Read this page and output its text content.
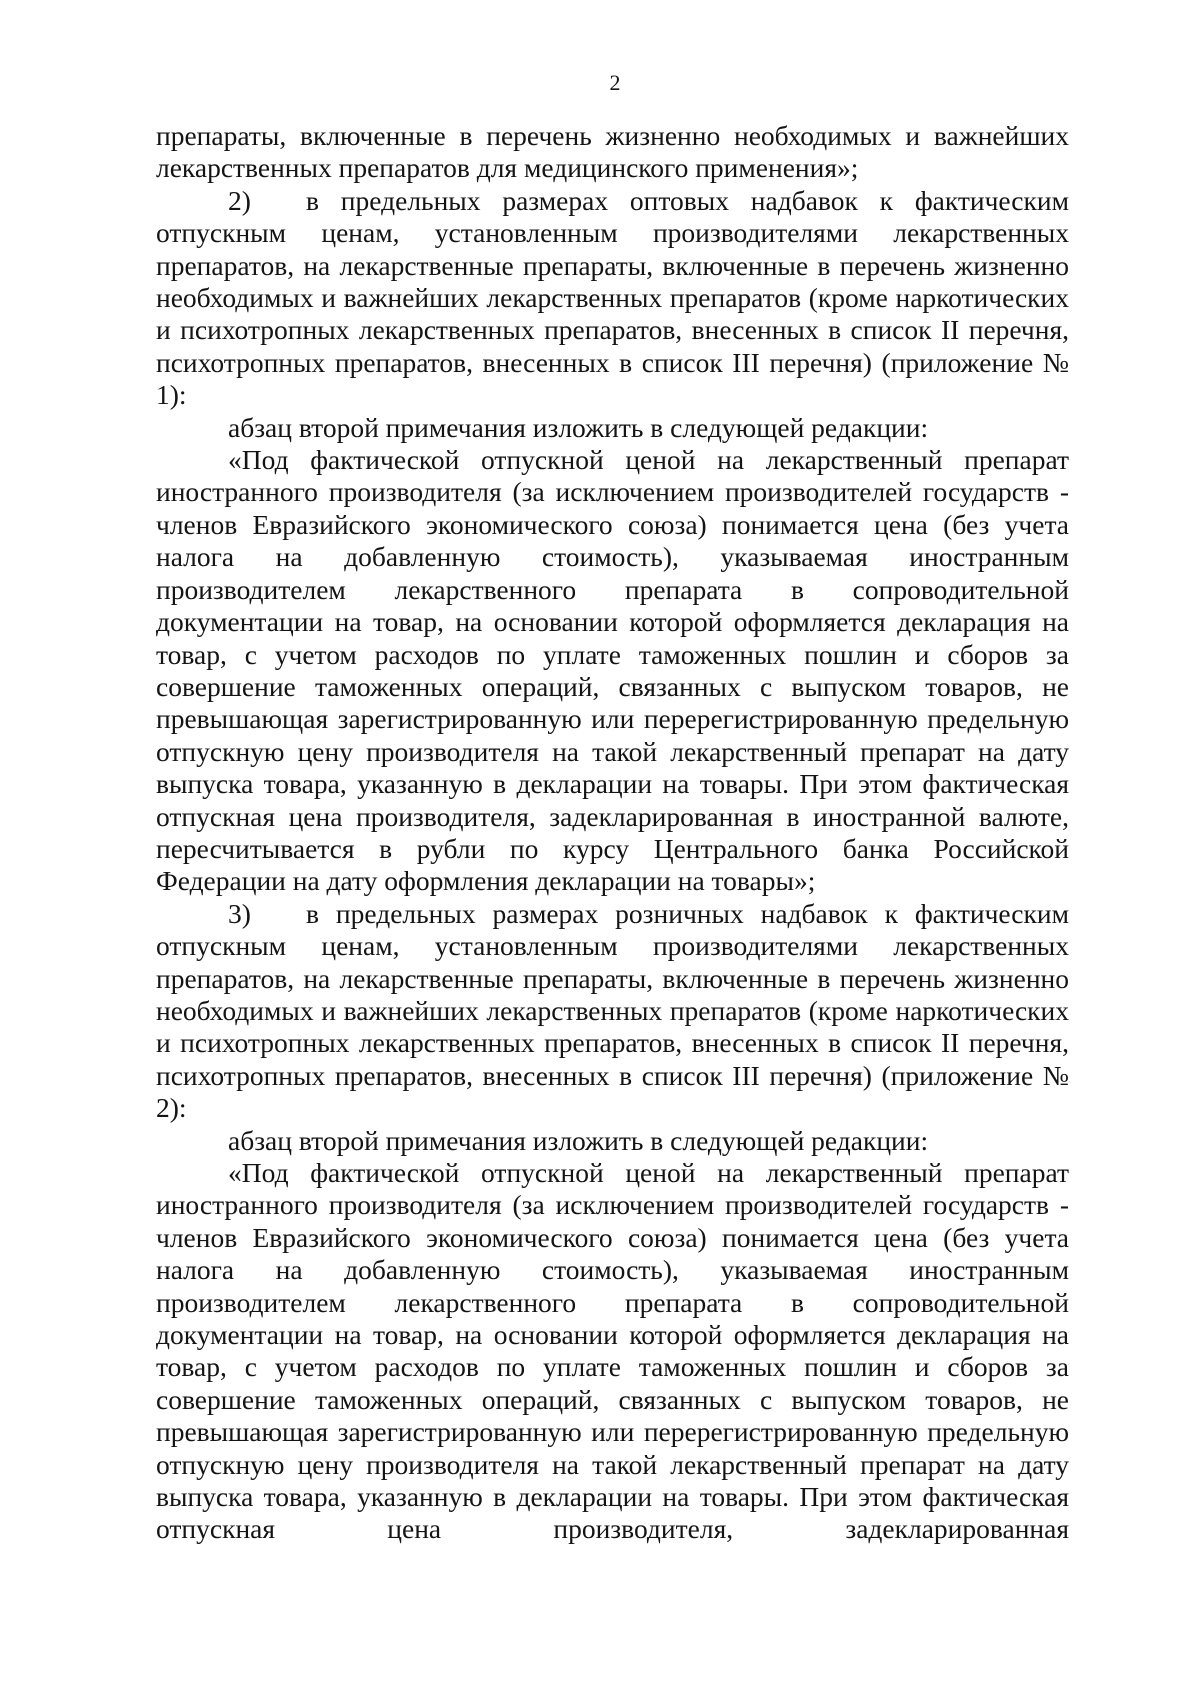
2

препараты, включенные в перечень жизненно необходимых и важнейших лекарственных препаратов для медицинского применения»;

2) в предельных размерах оптовых надбавок к фактическим отпускным ценам, установленным производителями лекарственных препаратов, на лекарственные препараты, включенные в перечень жизненно необходимых и важнейших лекарственных препаратов (кроме наркотических и психотропных лекарственных препаратов, внесенных в список II перечня, психотропных препаратов, внесенных в список III перечня) (приложение № 1):

абзац второй примечания изложить в следующей редакции:

«Под фактической отпускной ценой на лекарственный препарат иностранного производителя (за исключением производителей государств - членов Евразийского экономического союза) понимается цена (без учета налога на добавленную стоимость), указываемая иностранным производителем лекарственного препарата в сопроводительной документации на товар, на основании которой оформляется декларация на товар, с учетом расходов по уплате таможенных пошлин и сборов за совершение таможенных операций, связанных с выпуском товаров, не превышающая зарегистрированную или перерегистрированную предельную отпускную цену производителя на такой лекарственный препарат на дату выпуска товара, указанную в декларации на товары. При этом фактическая отпускная цена производителя, задекларированная в иностранной валюте, пересчитывается в рубли по курсу Центрального банка Российской Федерации на дату оформления декларации на товары»;

3) в предельных размерах розничных надбавок к фактическим отпускным ценам, установленным производителями лекарственных препаратов, на лекарственные препараты, включенные в перечень жизненно необходимых и важнейших лекарственных препаратов (кроме наркотических и психотропных лекарственных препаратов, внесенных в список II перечня, психотропных препаратов, внесенных в список III перечня) (приложение № 2):

абзац второй примечания изложить в следующей редакции:

«Под фактической отпускной ценой на лекарственный препарат иностранного производителя (за исключением производителей государств - членов Евразийского экономического союза) понимается цена (без учета налога на добавленную стоимость), указываемая иностранным производителем лекарственного препарата в сопроводительной документации на товар, на основании которой оформляется декларация на товар, с учетом расходов по уплате таможенных пошлин и сборов за совершение таможенных операций, связанных с выпуском товаров, не превышающая зарегистрированную или перерегистрированную предельную отпускную цену производителя на такой лекарственный препарат на дату выпуска товара, указанную в декларации на товары. При этом фактическая отпускная цена производителя, задекларированная
